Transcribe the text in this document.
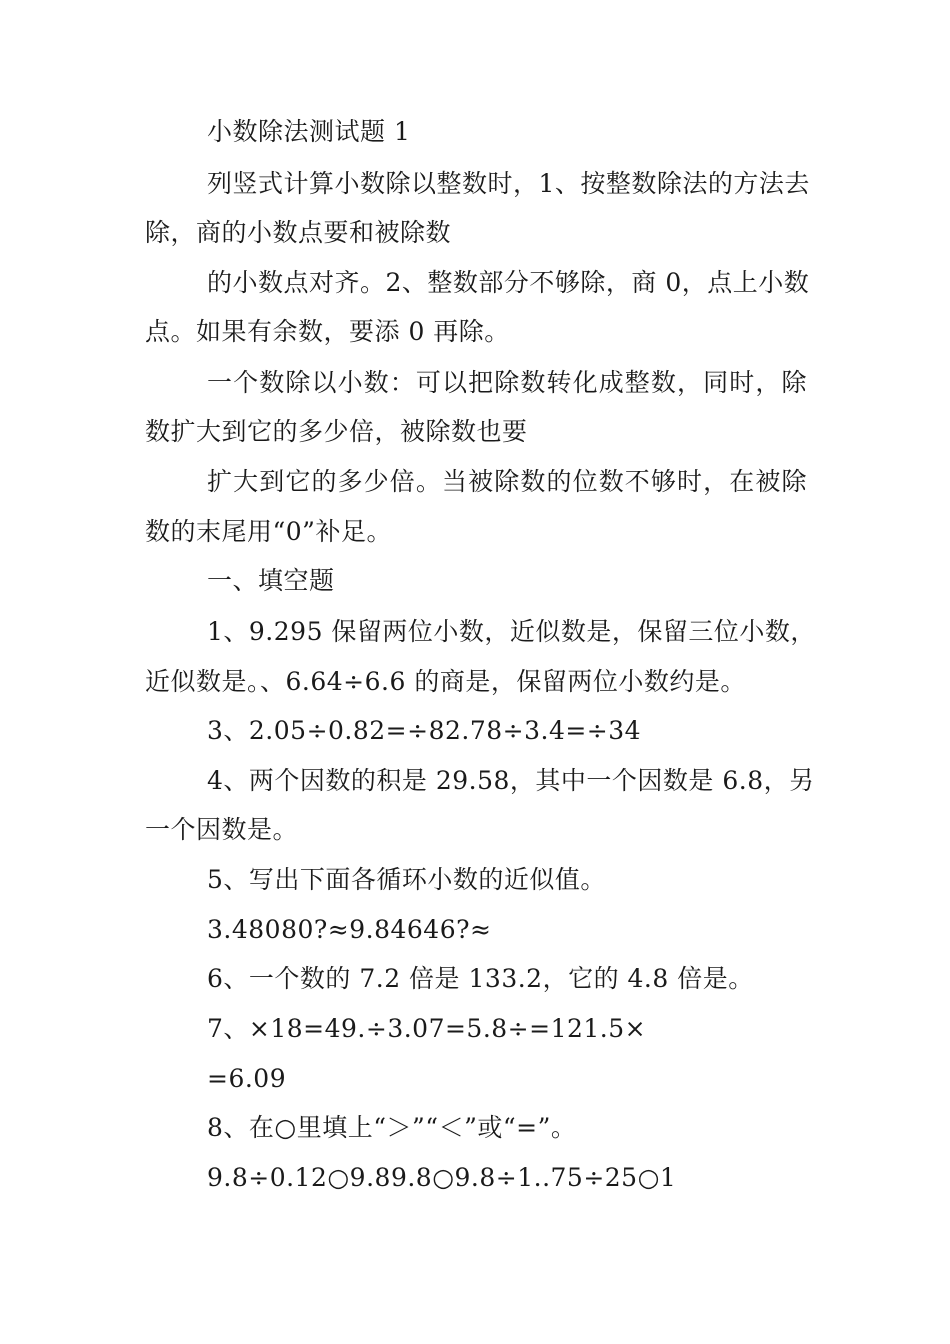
小数除法测试题 1
列竖式计算小数除以整数时，1、按整数除法的方法去
除，商的小数点要和被除数
的小数点对齐。2、整数部分不够除，商 0，点上小数
点。如果有余数，要添 0 再除。
一个数除以小数：可以把除数转化成整数，同时，除
数扩大到它的多少倍，被除数也要
扩大到它的多少倍。当被除数的位数不够时，在被除
数的末尾用“0”补足。
一、填空题
1、9.295 保留两位小数，近似数是，保留三位小数，
近似数是。、6.64÷6.6 的商是，保留两位小数约是。
3、2.05÷0.82=÷82.78÷3.4=÷34
4、两个因数的积是 29.58，其中一个因数是 6.8，另
一个因数是。
5、写出下面各循环小数的近似值。
3.48080?≈9.84646?≈
6、一个数的 7.2 倍是 133.2，它的 4.8 倍是。
7、×18=49.÷3.07=5.8÷=121.5×
=6.09
8、在○里填上“＞”“＜”或“=”。
9.8÷0.12○9.89.8○9.8÷1..75÷25○1
